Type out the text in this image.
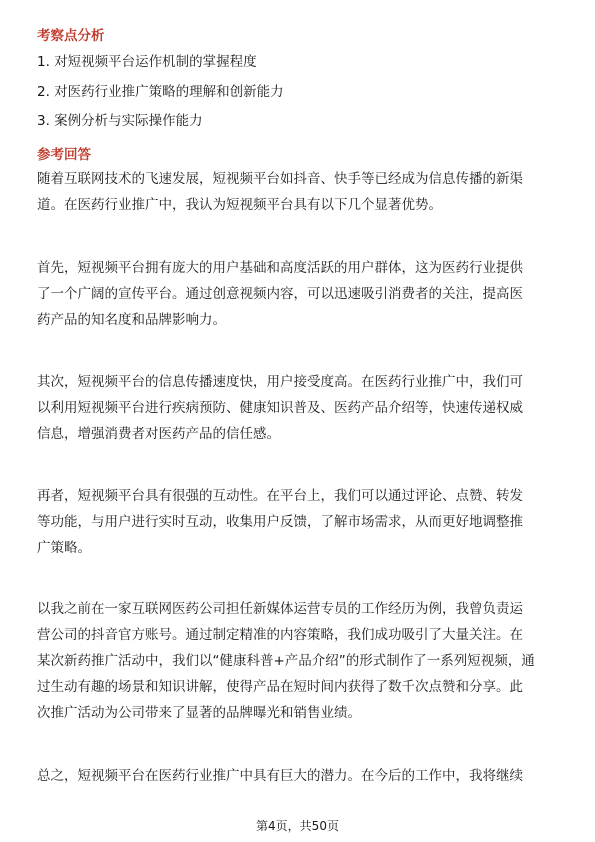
考察点分析
1. 对短视频平台运作机制的掌握程度
2. 对医药行业推广策略的理解和创新能力
3. 案例分析与实际操作能力
参考回答

随着互联网技术的飞速发展，短视频平台如抖音、快手等已经成为信息传播的新渠
道。在医药行业推广中，我认为短视频平台具有以下几个显著优势。

首先，短视频平台拥有庞大的用户基础和高度活跃的用户群体，这为医药行业提供
了一个广阔的宣传平台。通过创意视频内容，可以迅速吸引消费者的关注，提高医
药产品的知名度和品牌影响力。

其次，短视频平台的信息传播速度快，用户接受度高。在医药行业推广中，我们可
以利用短视频平台进行疾病预防、健康知识普及、医药产品介绍等，快速传递权威
信息，增强消费者对医药产品的信任感。

再者，短视频平台具有很强的互动性。在平台上，我们可以通过评论、点赞、转发
等功能，与用户进行实时互动，收集用户反馈，了解市场需求，从而更好地调整推
广策略。

以我之前在一家互联网医药公司担任新媒体运营专员的工作经历为例，我曾负责运
营公司的抖音官方账号。通过制定精准的内容策略，我们成功吸引了大量关注。在
某次新药推广活动中，我们以“健康科普+产品介绍”的形式制作了一系列短视频，通
过生动有趣的场景和知识讲解，使得产品在短时间内获得了数千次点赞和分享。此
次推广活动为公司带来了显著的品牌曝光和销售业绩。

总之，短视频平台在医药行业推广中具有巨大的潜力。在今后的工作中，我将继续

第4页，共50页
